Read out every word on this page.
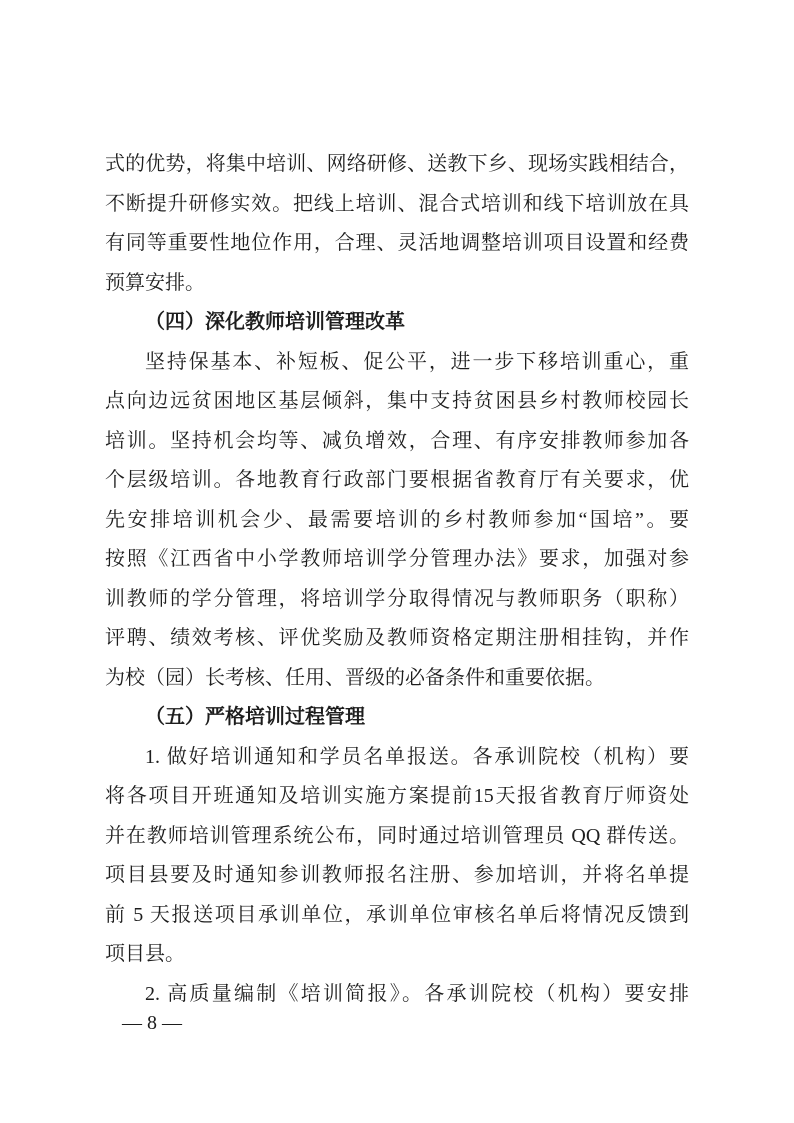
式的优势，将集中培训、网络研修、送教下乡、现场实践相结合，
不断提升研修实效。把线上培训、混合式培训和线下培训放在具
有同等重要性地位作用，合理、灵活地调整培训项目设置和经费
预算安排。
（四）深化教师培训管理改革
坚持保基本、补短板、促公平，进一步下移培训重心，重
点向边远贫困地区基层倾斜，集中支持贫困县乡村教师校园长
培训。坚持机会均等、减负增效，合理、有序安排教师参加各
个层级培训。各地教育行政部门要根据省教育厅有关要求，优
先安排培训机会少、最需要培训的乡村教师参加“国培”。要
按照《江西省中小学教师培训学分管理办法》要求，加强对参
训教师的学分管理，将培训学分取得情况与教师职务（职称）
评聘、绩效考核、评优奖励及教师资格定期注册相挂钩，并作
为校（园）长考核、任用、晋级的必备条件和重要依据。
（五）严格培训过程管理
1. 做好培训通知和学员名单报送。各承训院校（机构）要
将各项目开班通知及培训实施方案提前15天报省教育厅师资处
并在教师培训管理系统公布，同时通过培训管理员 QQ 群传送。
项目县要及时通知参训教师报名注册、参加培训，并将名单提
前 5 天报送项目承训单位，承训单位审核名单后将情况反馈到
项目县。
2. 高质量编制《培训简报》。各承训院校（机构）要安排
— 8 —
